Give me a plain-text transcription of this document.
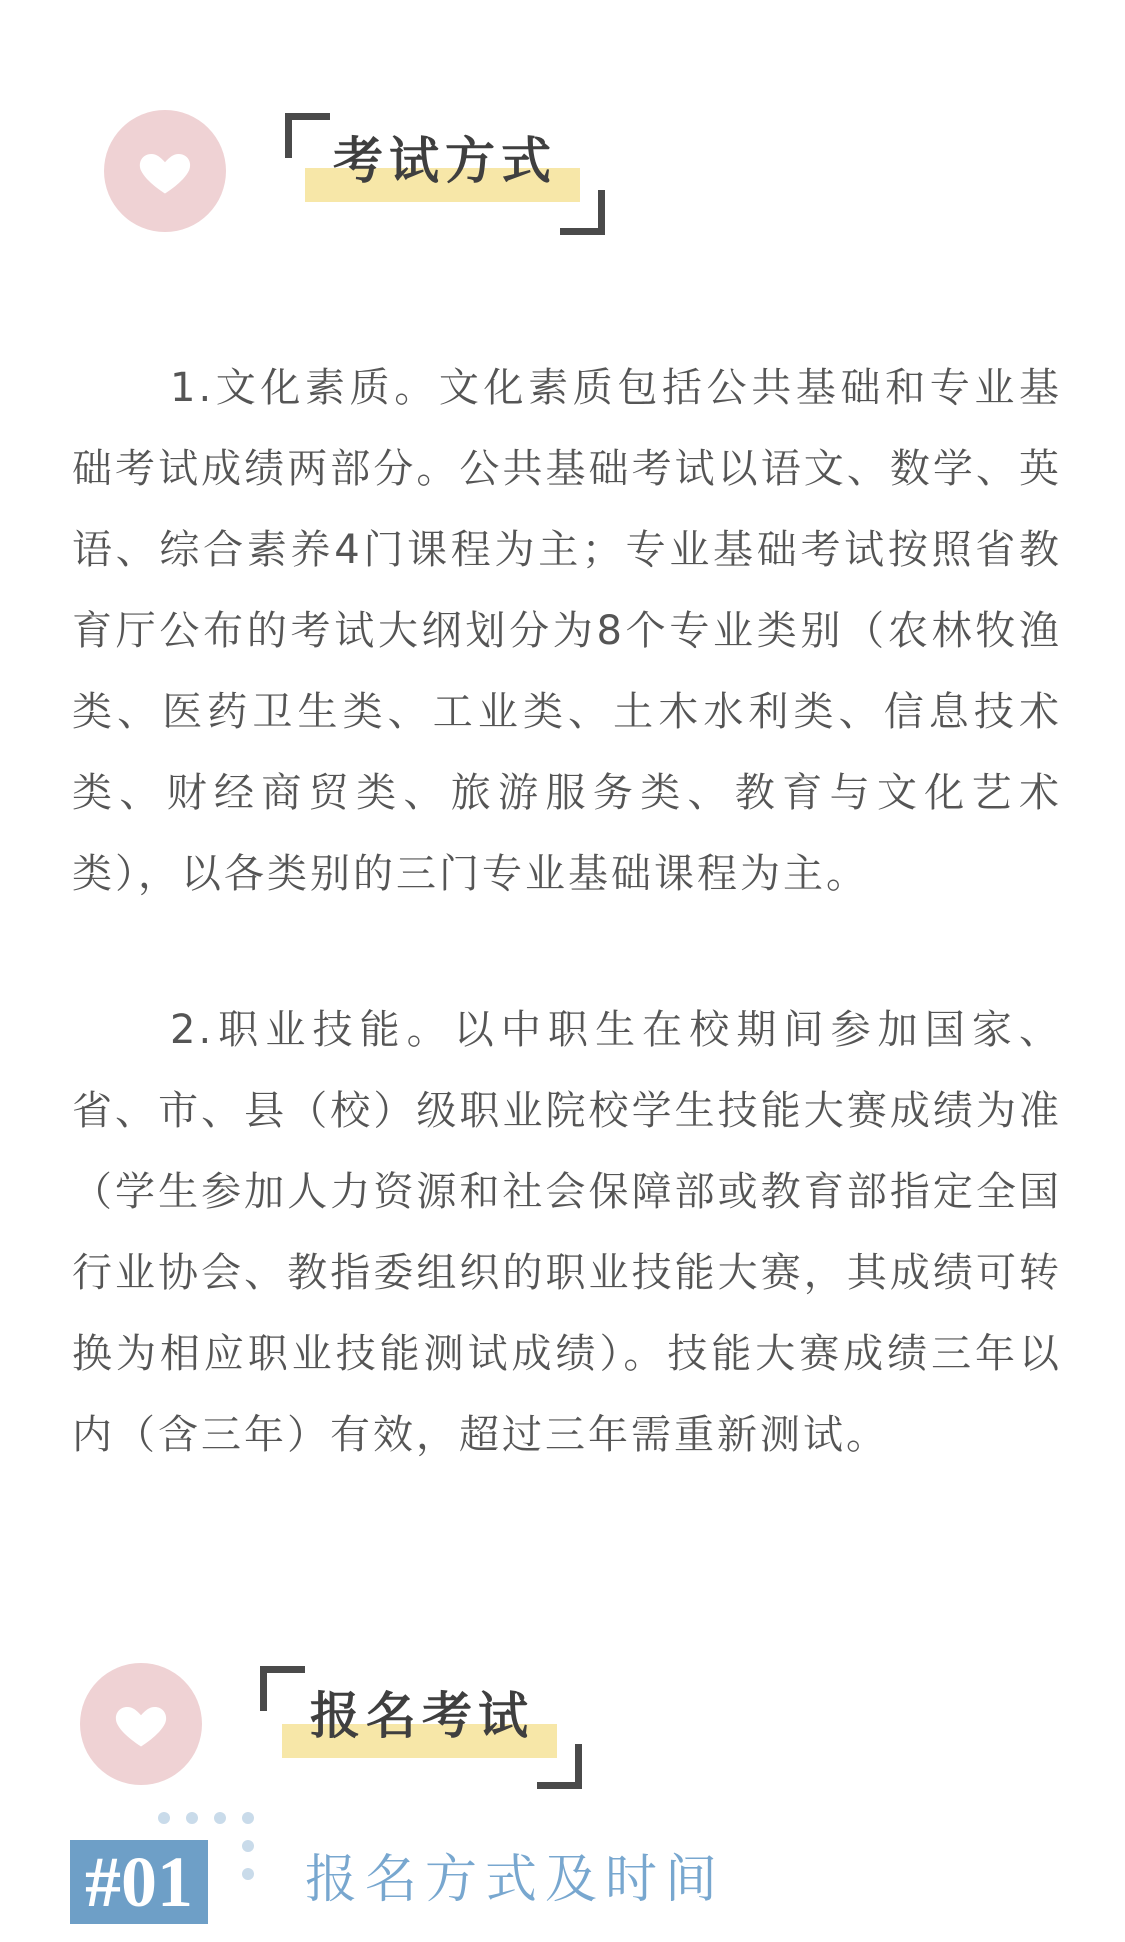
考试方式

1.文化素质。文化素质包括公共基础和专业基础考试成绩两部分。公共基础考试以语文、数学、英语、综合素养4门课程为主；专业基础考试按照省教育厅公布的考试大纲划分为8个专业类别（农林牧渔类、医药卫生类、工业类、土木水利类、信息技术类、财经商贸类、旅游服务类、教育与文化艺术类），以各类别的三门专业基础课程为主。

2.职业技能。以中职生在校期间参加国家、省、市、县（校）级职业院校学生技能大赛成绩为准（学生参加人力资源和社会保障部或教育部指定全国行业协会、教指委组织的职业技能大赛，其成绩可转换为相应职业技能测试成绩）。技能大赛成绩三年以内（含三年）有效，超过三年需重新测试。

报名考试
#01 报名方式及时间
